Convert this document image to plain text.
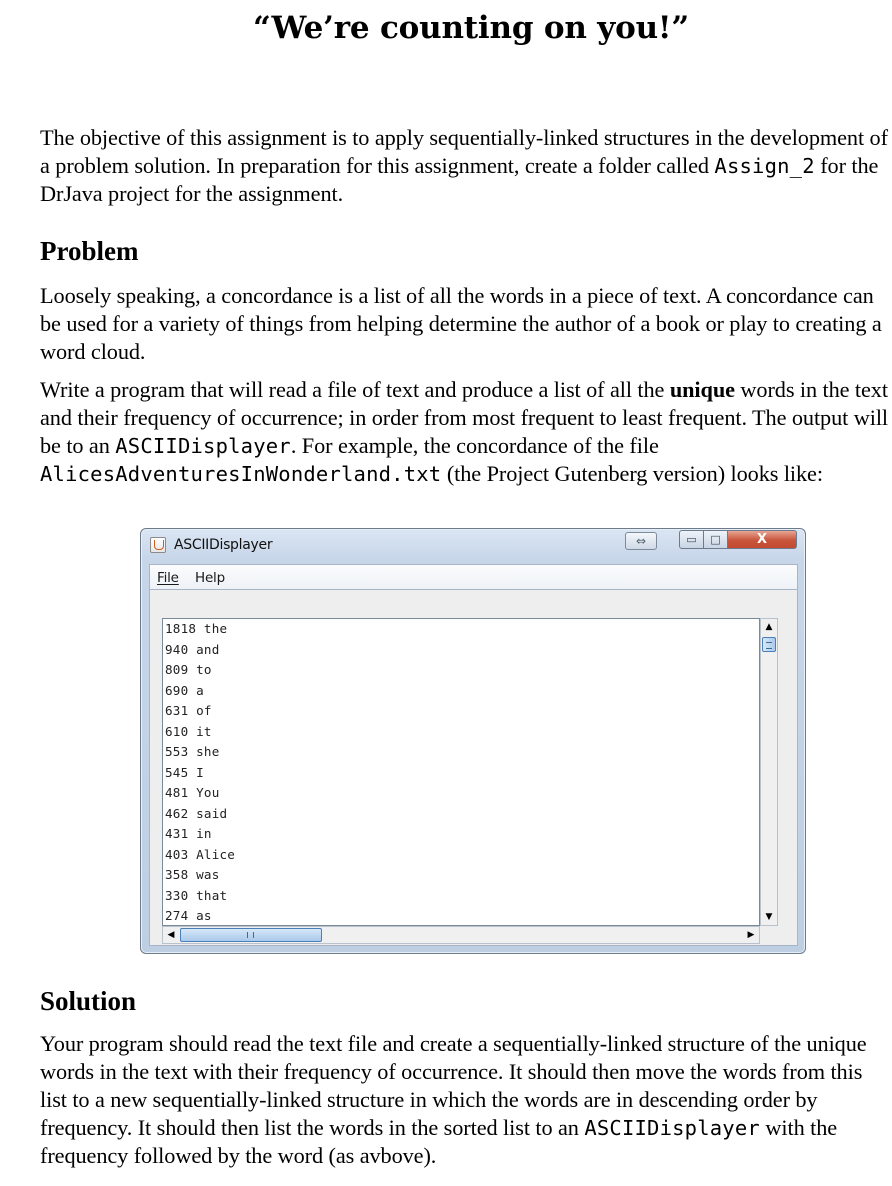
“We’re counting on you!”

The objective of this assignment is to apply sequentially-linked structures in the development of a problem solution. In preparation for this assignment, create a folder called Assign_2 for the DrJava project for the assignment.

Problem

Loosely speaking, a concordance is a list of all the words in a piece of text. A concordance can be used for a variety of things from helping determine the author of a book or play to creating a word cloud.

Write a program that will read a file of text and produce a list of all the unique words in the text and their frequency of occurrence; in order from most frequent to least frequent. The output will be to an ASCIIDisplayer. For example, the concordance of the file AlicesAdventuresInWonderland.txt (the Project Gutenberg version) looks like:

ASCIIDisplayer	⇔	▭	□	X
File Help
1818 the
940 and
809 to
690 a
631 of
610 it
553 she
545 I
481 You
462 said
431 in
403 Alice
358 was
330 that
274 as
▲
▼
◀	▶
Solution

Your program should read the text file and create a sequentially-linked structure of the unique words in the text with their frequency of occurrence. It should then move the words from this list to a new sequentially-linked structure in which the words are in descending order by frequency. It should then list the words in the sorted list to an ASCIIDisplayer with the frequency followed by the word (as avbove).
